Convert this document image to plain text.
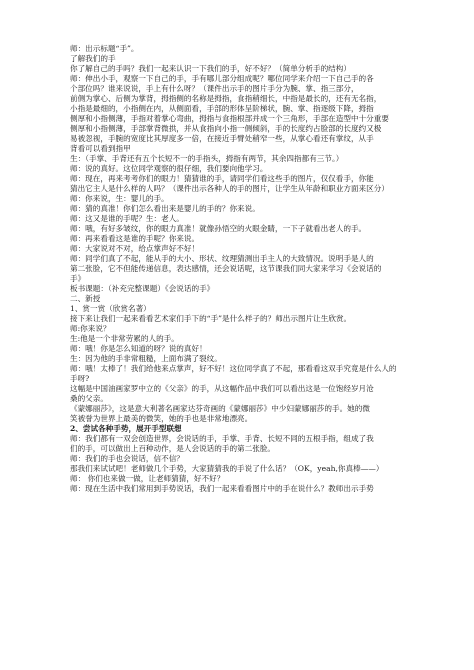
师：出示标题“手”。
了解我们的手
你了解自己的手吗？我们一起来认识一下我们的手，好不好？（简单分析手的结构）
师：伸出小手，观察一下自己的手，手有哪儿部分组成呢？哪位同学来介绍一下自己手的各
个部位吗？谁来说说，手上有什么呀？（课件出示手的图片手分为腕、掌、指三部分，
前侧为掌心、后侧为掌背，拇指侧的名称是拇指，食指稍细长，中指是最长的，还有无名指，
小指是最细的，小指侧在内，从侧面看，手部的形体呈阶梯状，腕、掌、指逐级下降，拇指
侧厚和小指侧薄，手指对着掌心弯曲，拇指与食指根部并成一个三角形，手部在造型中十分重要
侧厚和小指侧薄，手部掌背微拱，并从食指向小指一侧倾斜，手的长度约占脸部的长度约又极
易被忽视，手腕的宽度比其厚度多一倍，在接近手臂处稍窄一些，从掌心看还有掌纹，从手
背看可以看到指甲
生：（手掌、手背还有五个长短不一的手指头，拇指有两节，其余四指都有三节。）
师：说的真好。这位同学观察的很仔细，我们要向他学习。
师：现在，再来考考你们的眼力！猜猜谁的手，请同学们看这些手的图片，仅仅看手，你能
猜出它主人是什么样的人吗？（课件出示各种人的手的图片，让学生从年龄和职业方面来区分）
师：你来说，生：婴儿的手。
师：猜的真准！你们怎么看出来是婴儿的手的？你来说。
师：这又是谁的手呢？生：老人。
师：哦，有好多皱纹，你的眼力真准！就像孙悟空的火眼金睛，一下子就看出老人的手。
师：再来看看这是谁的手呢？你来说。
师：大家说对不对，给点掌声好不好！
师：同学们真了不起，能从手的大小、形状、纹理猜测出手主人的大致情况。说明手是人的
第二张脸，它不但能传递信息，表达感情，还会说话呢，这节课我们同大家来学习《会说话的
手》
板书课题：（补充完整课题）《会说话的手》
二、新授
1、赏一赏（欣赏名著）
接下来让我们一起来看看艺术家们手下的“手”是什么样子的？师出示图片让生欣赏。
师:你来说？
生:他是一个非常劳累的人的手。
师：哦！你是怎么知道的呀？说的真好！
生：因为他的手非常粗糙，上面布满了裂纹。
师：哦！太棒了！我们给他来点掌声，好不好！这位同学真了不起，那看看这双手究竟是什么人的
手呀?
这幅是中国油画家罗中立的《父亲》的手，从这幅作品中我们可以看出这是一位饱经岁月沧
桑的父亲。
《蒙娜丽莎》，这是意大利著名画家达芬奇画的《蒙娜丽莎》中少妇蒙娜丽莎的手。她的微
笑被誉为世界上最美的微笑，她的手也是非常地漂亮。
2、尝试各种手势，展开手型联想
师：我们都有一双会创造世界，会说话的手，手掌、手背、长短不同的五根手指，组成了我
们的手，可以做出上百种动作，是人会说话的手的第二张脸。
师：我们的手也会说话，信不信？
那我们来试试吧！老师做几个手势，大家猜猜我的手说了什么话？（OK，yeah,你真棒——）
师： 你们也来做一做，让老师猜猜，好不好？
师：现在生活中我们常用到手势说话，我们一起来看看图片中的手在说什么？教师出示手势
